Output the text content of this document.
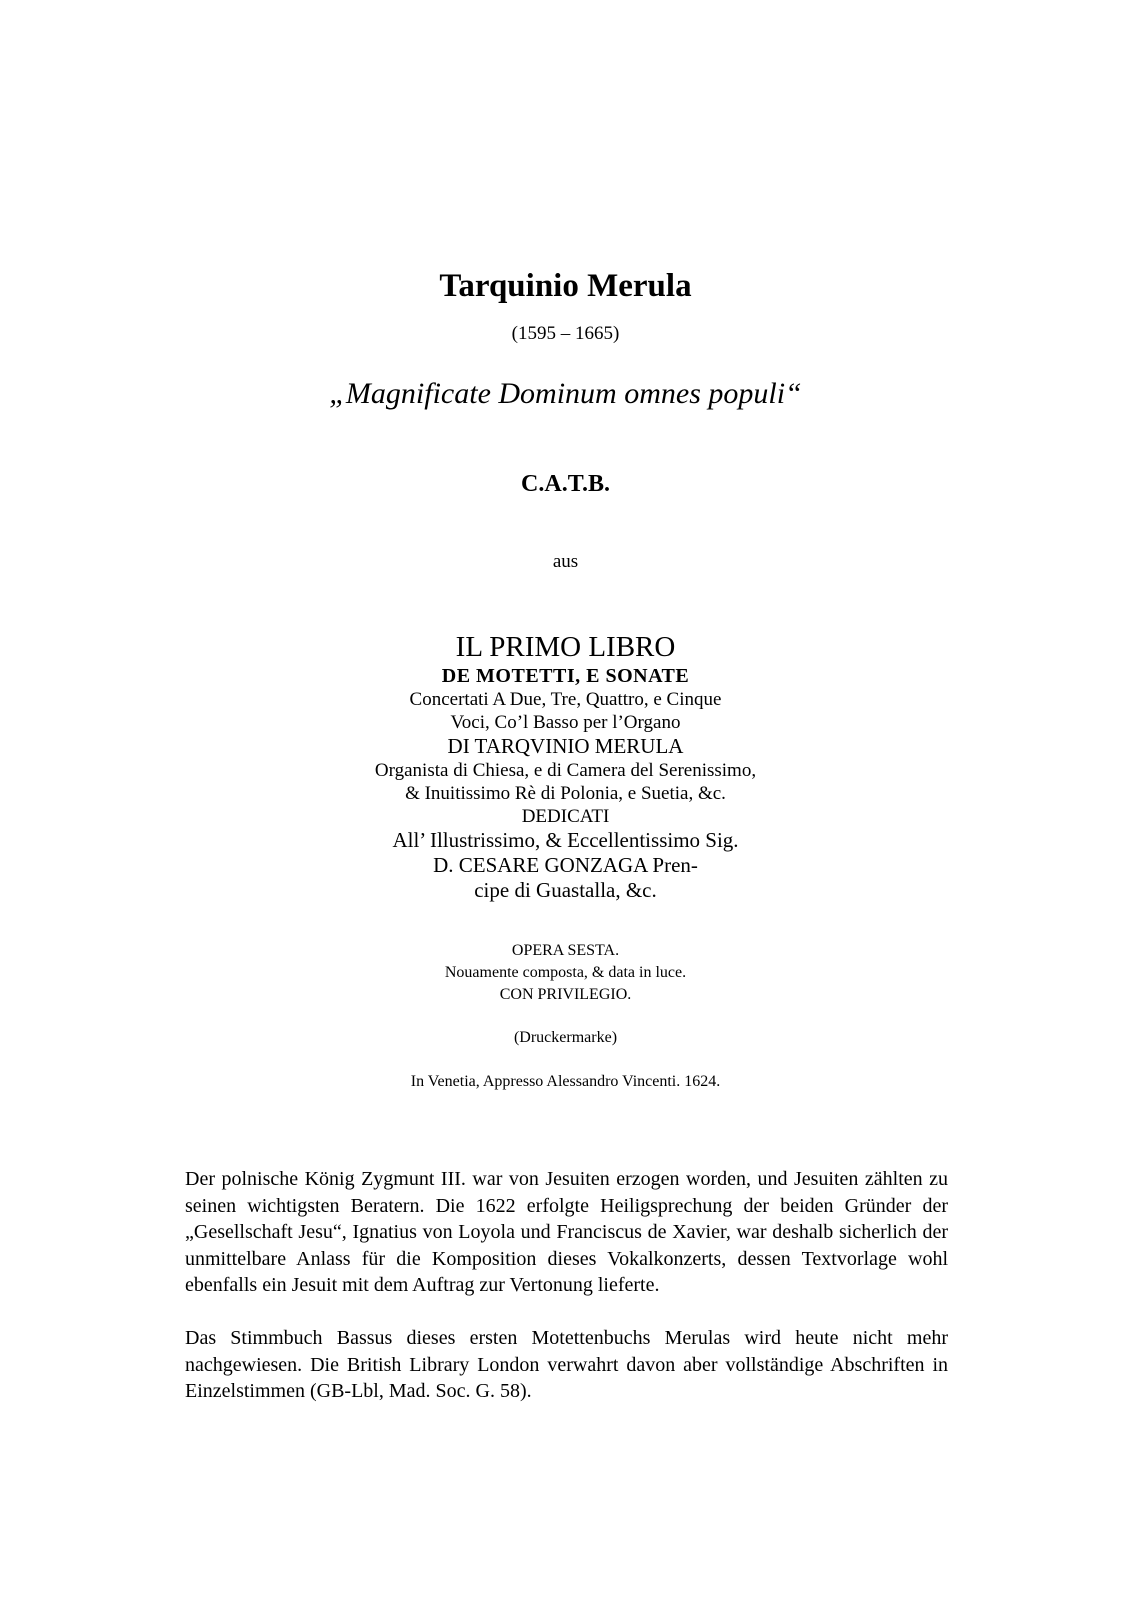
Tarquinio Merula
(1595 – 1665)
„Magnificate Dominum omnes populi“
C.A.T.B.
aus
IL PRIMO LIBRO
DE MOTETTI, E SONATE
Concertati A Due, Tre, Quattro, e Cinque
Voci, Co’l Basso per l’Organo
DI TARQVINIO MERULA
Organista di Chiesa, e di Camera del Serenissimo,
& Inuitissimo Rè di Polonia, e Suetia, &c.
DEDICATI
All’ Illustrissimo, & Eccellentissimo Sig.
D. CESARE GONZAGA Pren-
cipe di Guastalla, &c.
OPERA SESTA.
Nouamente composta, & data in luce.
CON PRIVILEGIO.
(Druckermarke)
In Venetia, Appresso Alessandro Vincenti. 1624.
Der polnische König Zygmunt III. war von Jesuiten erzogen worden, und Jesuiten zählten zu seinen wichtigsten Beratern. Die 1622 erfolgte Heiligsprechung der beiden Gründer der „Gesellschaft Jesu“, Ignatius von Loyola und Franciscus de Xavier, war deshalb sicherlich der unmittelbare Anlass für die Komposition dieses Vokalkonzerts, dessen Textvorlage wohl ebenfalls ein Jesuit mit dem Auftrag zur Vertonung lieferte.
Das Stimmbuch Bassus dieses ersten Motettenbuchs Merulas wird heute nicht mehr nachgewiesen. Die British Library London verwahrt davon aber vollständige Abschriften in Einzelstimmen (GB-Lbl, Mad. Soc. G. 58).
